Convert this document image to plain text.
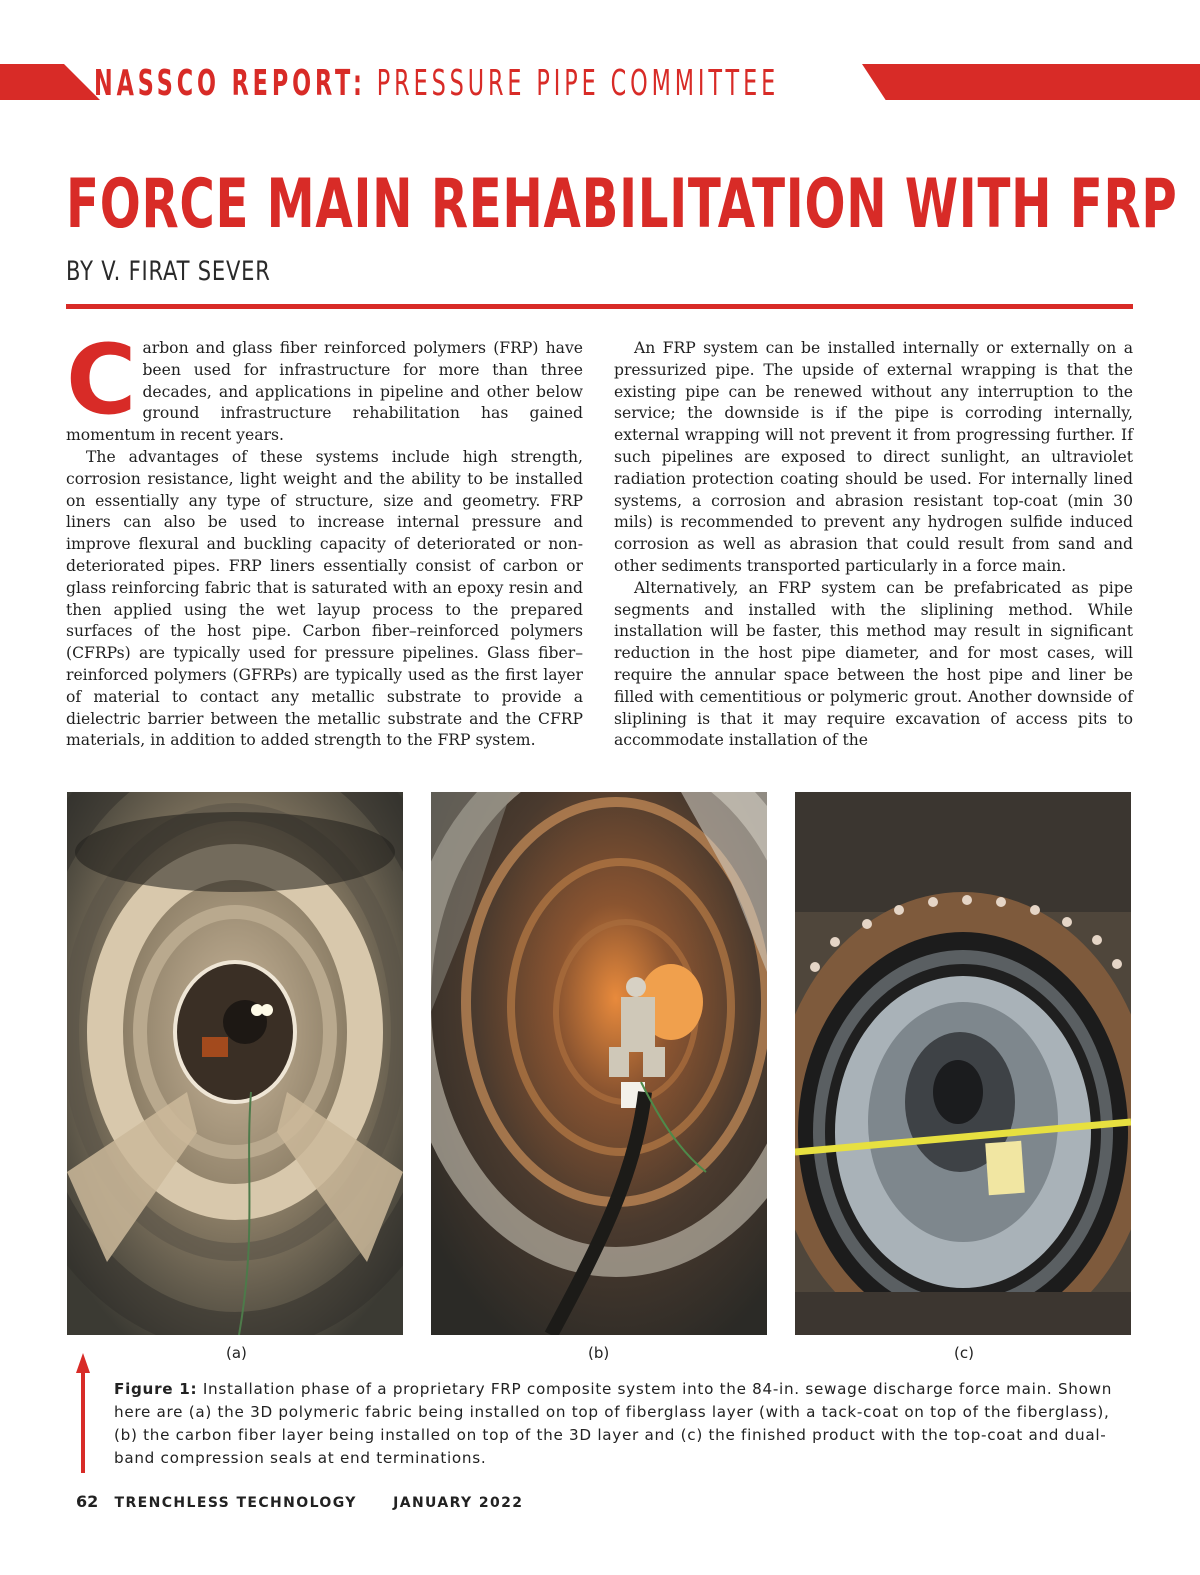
NASSCO REPORT: PRESSURE PIPE COMMITTEE
FORCE MAIN REHABILITATION WITH FRP
BY V. FIRAT SEVER

Carbon and glass fiber reinforced polymers (FRP) have been used for infrastructure for more than three decades, and applications in pipeline and other below ground infrastructure rehabilitation has gained momentum in recent years.

The advantages of these systems include high strength, corrosion resistance, light weight and the ability to be installed on essentially any type of structure, size and geometry. FRP liners can also be used to increase internal pressure and improve flexural and buckling capacity of deteriorated or non-deteriorated pipes. FRP liners essentially consist of carbon or glass reinforcing fabric that is saturated with an epoxy resin and then applied using the wet layup process to the prepared surfaces of the host pipe. Carbon fiber–reinforced polymers (CFRPs) are typically used for pressure pipelines. Glass fiber–reinforced polymers (GFRPs) are typically used as the first layer of material to contact any metallic substrate to provide a dielectric barrier between the metallic substrate and the CFRP materials, in addition to added strength to the FRP system.

An FRP system can be installed internally or externally on a pressurized pipe. The upside of external wrapping is that the existing pipe can be renewed without any interruption to the service; the downside is if the pipe is corroding internally, external wrapping will not prevent it from progressing further. If such pipelines are exposed to direct sunlight, an ultraviolet radiation protection coating should be used. For internally lined systems, a corrosion and abrasion resistant top-coat (min 30 mils) is recommended to prevent any hydrogen sulfide induced corrosion as well as abrasion that could result from sand and other sediments transported particularly in a force main.

Alternatively, an FRP system can be prefabricated as pipe segments and installed with the sliplining method. While installation will be faster, this method may result in significant reduction in the host pipe diameter, and for most cases, will require the annular space between the host pipe and liner be filled with cementitious or polymeric grout. Another downside of sliplining is that it may require excavation of access pits to accommodate installation of the

(a)	(b)	(c)
Figure 1: Installation phase of a proprietary FRP composite system into the 84-in. sewage discharge force main. Shown here are (a) the 3D polymeric fabric being installed on top of fiberglass layer (with a tack-coat on top of the fiberglass), (b) the carbon fiber layer being installed on top of the 3D layer and (c) the finished product with the top-coat and dual-band compression seals at end terminations.
62 TRENCHLESS TECHNOLOGY	JANUARY 2022
